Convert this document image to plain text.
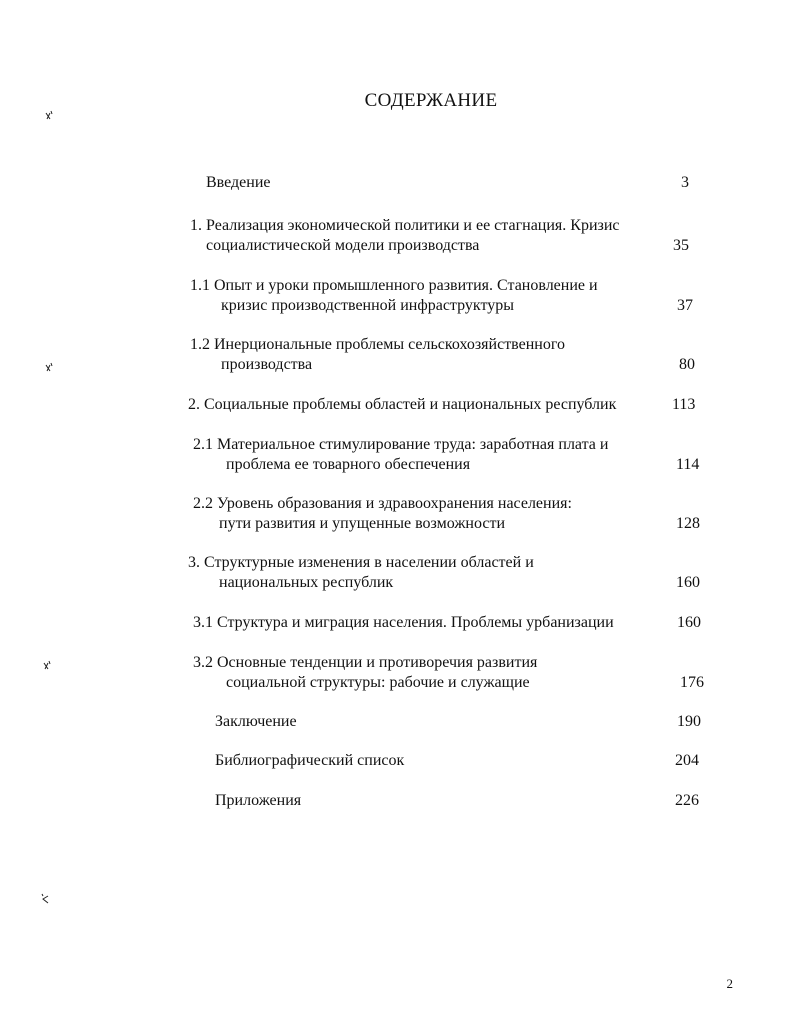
СОДЕРЖАНИЕ
Введение	3
1. Реализация экономической политики и ее стагнация. Кризис
социалистической модели производства	35
1.1 Опыт и уроки промышленного развития. Становление и
кризис производственной инфраструктуры	37
1.2 Инерциональные проблемы сельскохозяйственного
производства	80
2. Социальные проблемы областей и национальных республик	113
2.1 Материальное стимулирование труда: заработная плата и
проблема ее товарного обеспечения	114
2.2 Уровень образования и здравоохранения населения:
пути развития и упущенные возможности	128
3. Структурные изменения в населении областей и
национальных республик	160
3.1 Структура и миграция населения. Проблемы урбанизации	160
3.2 Основные тенденции и противоречия развития
социальной структуры: рабочие и служащие	176
Заключение	190
Библиографический список	204
Приложения	226
2
